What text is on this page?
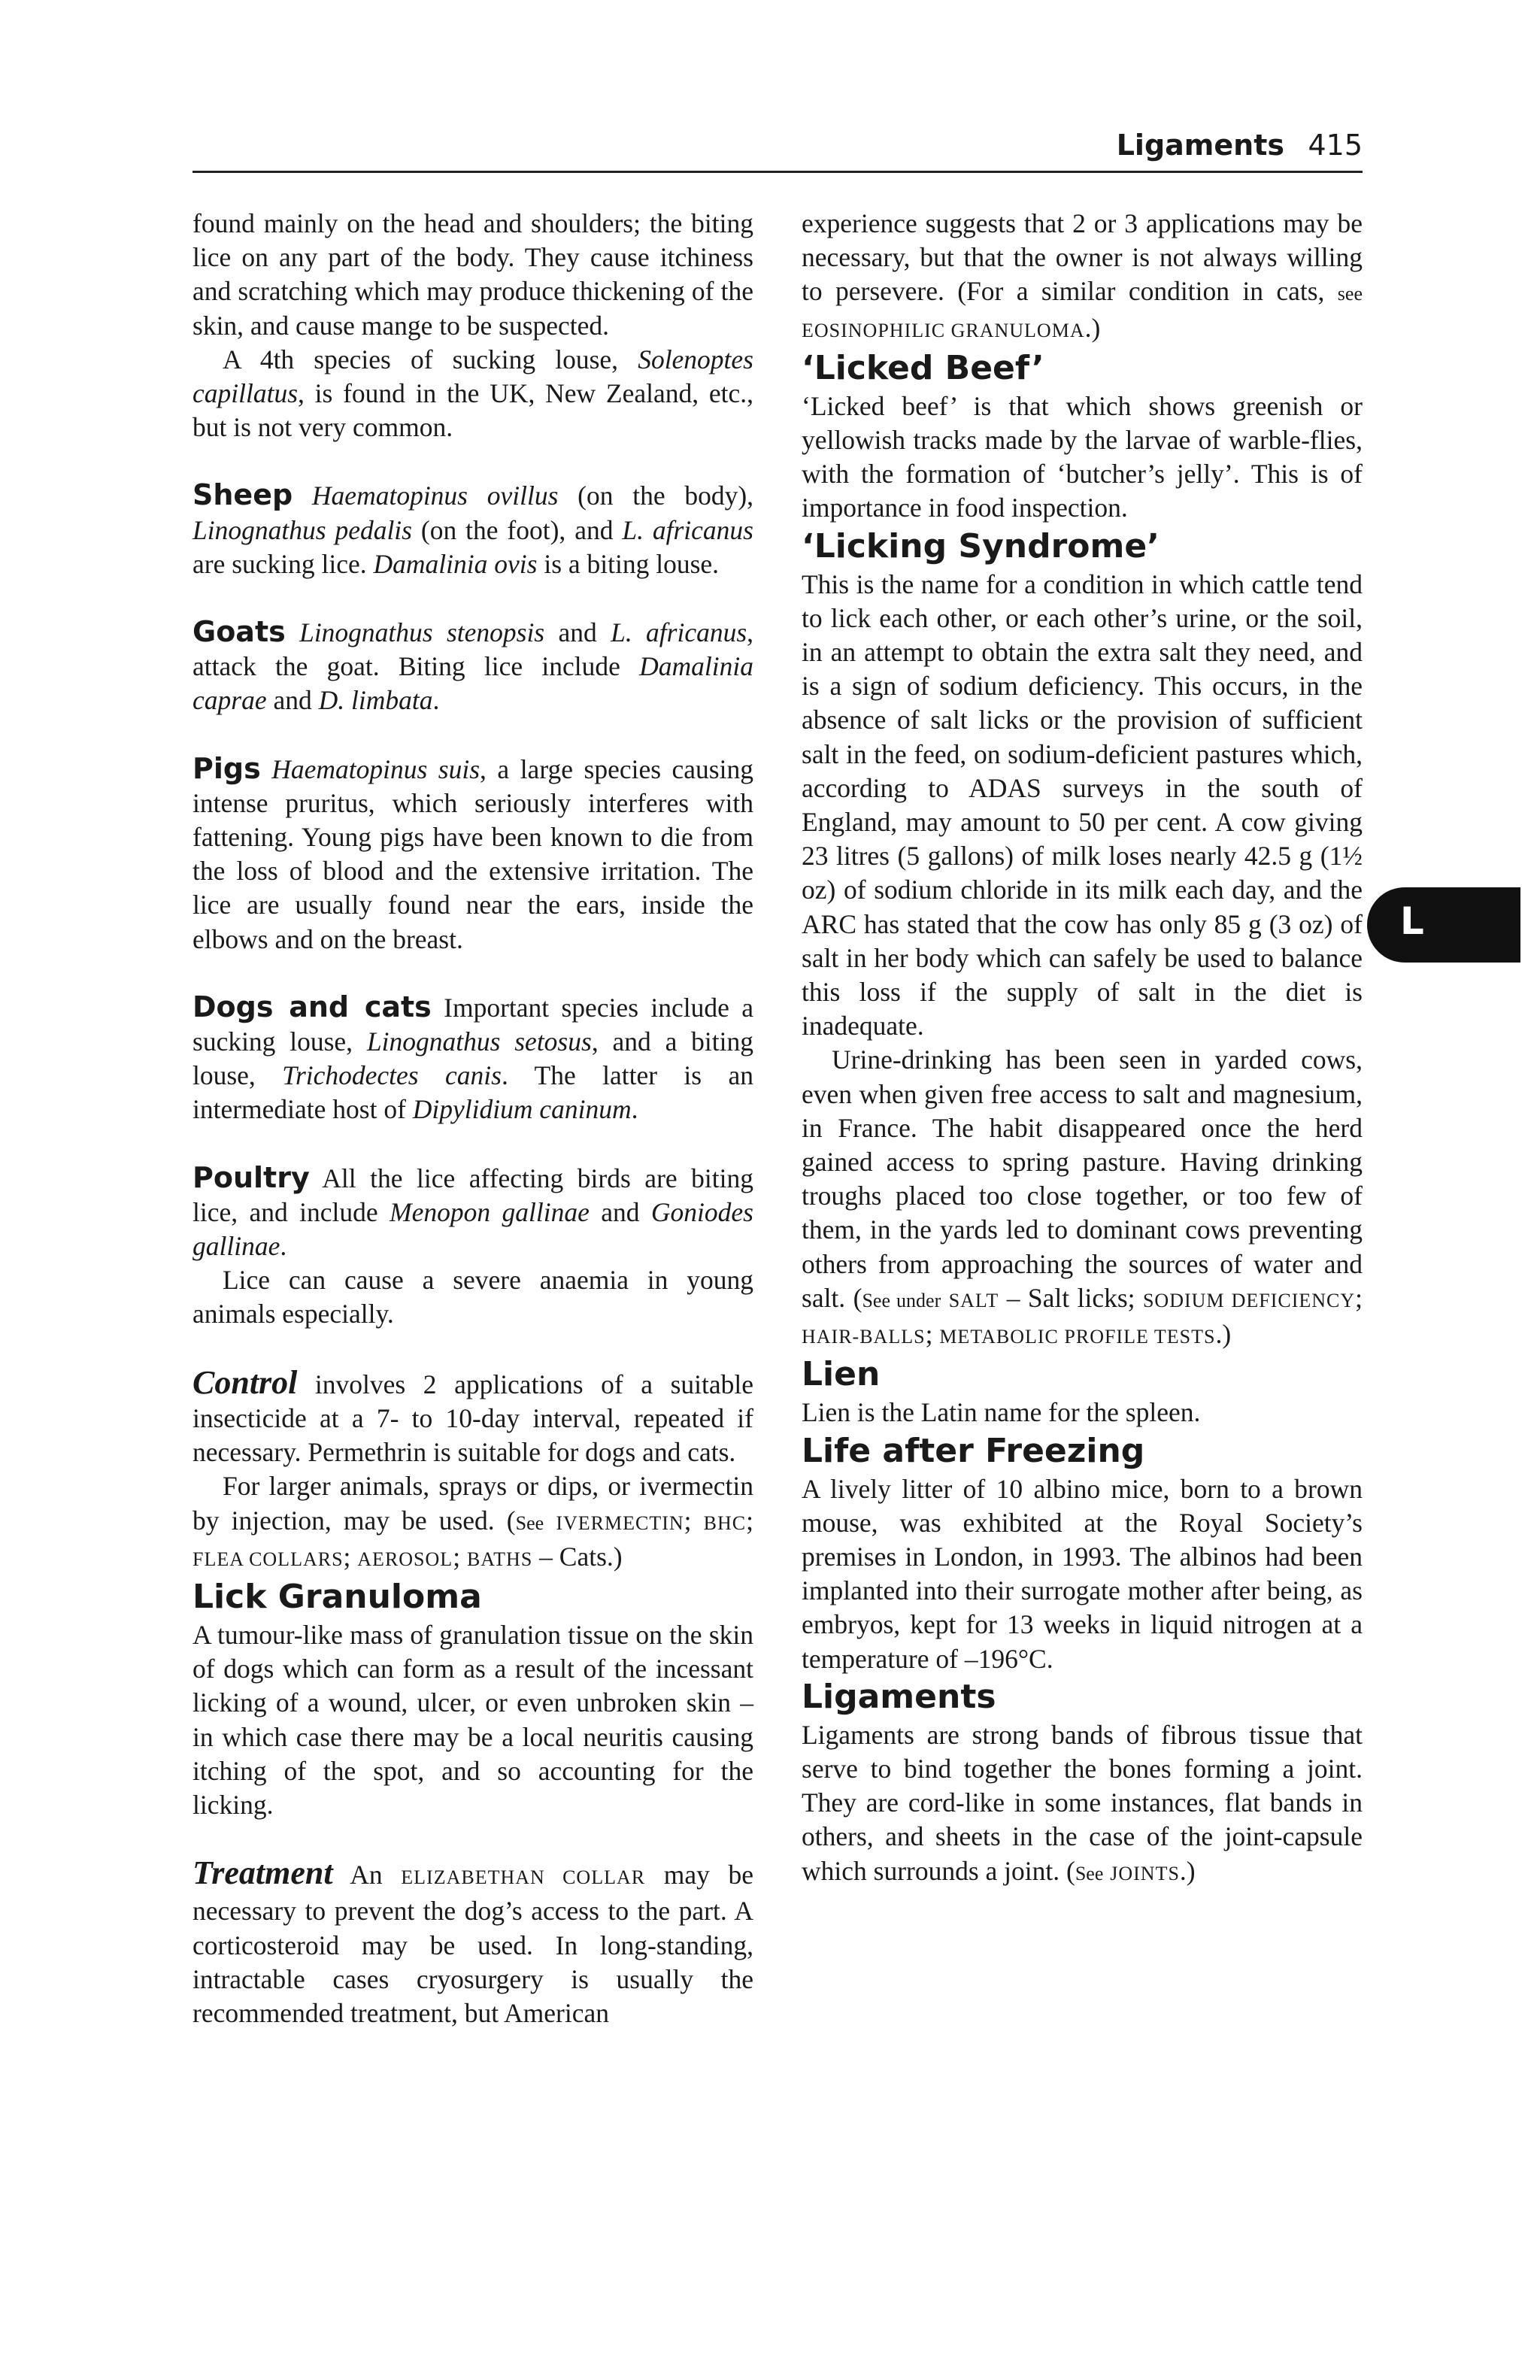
Ligaments 415
L

found mainly on the head and shoulders; the biting lice on any part of the body. They cause itchiness and scratching which may produce thickening of the skin, and cause mange to be suspected.

A 4th species of sucking louse, Solenoptes capillatus, is found in the UK, New Zealand, etc., but is not very common.

Sheep Haematopinus ovillus (on the body), Linognathus pedalis (on the foot), and L. africanus are sucking lice. Damalinia ovis is a biting louse.

Goats Linognathus stenopsis and L. africanus, attack the goat. Biting lice include Damalinia caprae and D. limbata.

Pigs Haematopinus suis, a large species causing intense pruritus, which seriously interferes with fattening. Young pigs have been known to die from the loss of blood and the extensive irritation. The lice are usually found near the ears, inside the elbows and on the breast.

Dogs and cats Important species include a sucking louse, Linognathus setosus, and a biting louse, Trichodectes canis. The latter is an intermediate host of Dipylidium caninum.

Poultry All the lice affecting birds are biting lice, and include Menopon gallinae and Goniodes gallinae.

Lice can cause a severe anaemia in young animals especially.

Control involves 2 applications of a suitable insecticide at a 7- to 10-day interval, repeated if necessary. Permethrin is suitable for dogs and cats.

For larger animals, sprays or dips, or ivermectin by injection, may be used. (See IVERMECTIN; BHC; FLEA COLLARS; AEROSOL; BATHS – Cats.)

Lick Granuloma

A tumour-like mass of granulation tissue on the skin of dogs which can form as a result of the incessant licking of a wound, ulcer, or even unbroken skin – in which case there may be a local neuritis causing itching of the spot, and so accounting for the licking.

Treatment An ELIZABETHAN COLLAR may be necessary to prevent the dog’s access to the part. A corticosteroid may be used. In long-standing, intractable cases cryosurgery is usually the recommended treatment, but American

experience suggests that 2 or 3 applications may be necessary, but that the owner is not always willing to persevere. (For a similar condition in cats, see EOSINOPHILIC GRANULOMA.)

‘Licked Beef’

‘Licked beef’ is that which shows greenish or yellowish tracks made by the larvae of warble-flies, with the formation of ‘butcher’s jelly’. This is of importance in food inspection.

‘Licking Syndrome’

This is the name for a condition in which cattle tend to lick each other, or each other’s urine, or the soil, in an attempt to obtain the extra salt they need, and is a sign of sodium deficiency. This occurs, in the absence of salt licks or the provision of sufficient salt in the feed, on sodium-deficient pastures which, according to ADAS surveys in the south of England, may amount to 50 per cent. A cow giving 23 litres (5 gallons) of milk loses nearly 42.5 g (1½ oz) of sodium chloride in its milk each day, and the ARC has stated that the cow has only 85 g (3 oz) of salt in her body which can safely be used to balance this loss if the supply of salt in the diet is inadequate.

Urine-drinking has been seen in yarded cows, even when given free access to salt and magnesium, in France. The habit disappeared once the herd gained access to spring pasture. Having drinking troughs placed too close together, or too few of them, in the yards led to dominant cows preventing others from approaching the sources of water and salt. (See under SALT – Salt licks; SODIUM DEFICIENCY; HAIR-BALLS; METABOLIC PROFILE TESTS.)

Lien

Lien is the Latin name for the spleen.

Life after Freezing

A lively litter of 10 albino mice, born to a brown mouse, was exhibited at the Royal Society’s premises in London, in 1993. The albinos had been implanted into their surrogate mother after being, as embryos, kept for 13 weeks in liquid nitrogen at a temperature of –196°C.

Ligaments

Ligaments are strong bands of fibrous tissue that serve to bind together the bones forming a joint. They are cord-like in some instances, flat bands in others, and sheets in the case of the joint-capsule which surrounds a joint. (See JOINTS.)
